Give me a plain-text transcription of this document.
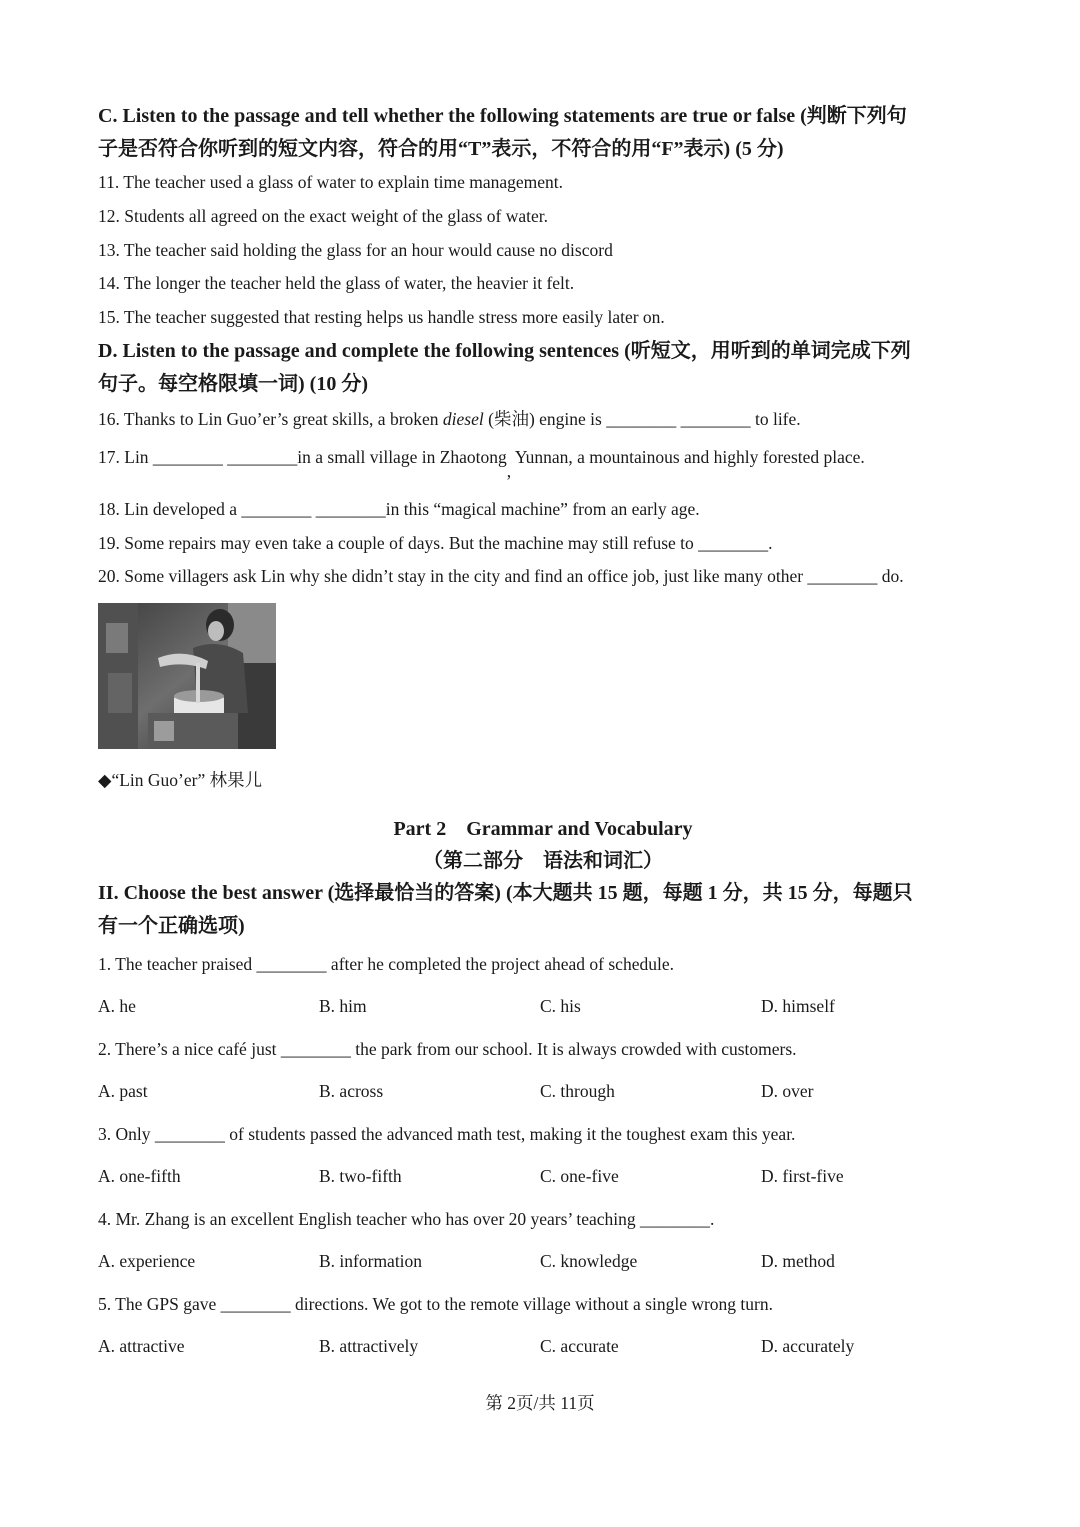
C. Listen to the passage and tell whether the following statements are true or false (判断下列句
子是否符合你听到的短文内容，符合的用“T”表示，不符合的用“F”表示) (5 分)

11. The teacher used a glass of water to explain time management.

12. Students all agreed on the exact weight of the glass of water.

13. The teacher said holding the glass for an hour would cause no discord

14. The longer the teacher held the glass of water, the heavier it felt.

15. The teacher suggested that resting helps us handle stress more easily later on.

D. Listen to the passage and complete the following sentences (听短文，用听到的单词完成下列
句子。每空格限填一词) (10 分)

16. Thanks to Lin Guo’er’s great skills, a broken diesel (柴油) engine is ________ ________ to life.

17. Lin ________ ________in a small village in Zhaotong, Yunnan, a mountainous and highly forested place.

18. Lin developed a ________ ________in this “magical machine” from an early age.

19. Some repairs may even take a couple of days. But the machine may still refuse to ________.

20. Some villagers ask Lin why she didn’t stay in the city and find an office job, just like many other ________ do.

◆“Lin Guo’er” 林果儿

Part 2    Grammar and Vocabulary

（第二部分    语法和词汇）

II. Choose the best answer (选择最恰当的答案) (本大题共 15 题，每题 1 分，共 15 分，每题只
有一个正确选项)

1. The teacher praised ________ after he completed the project ahead of schedule.

A. he	B. him	C. his	D. himself

2. There’s a nice café just ________ the park from our school. It is always crowded with customers.

A. past	B. across	C. through	D. over

3. Only ________ of students passed the advanced math test, making it the toughest exam this year.

A. one-fifth	B. two-fifth	C. one-five	D. first-five

4. Mr. Zhang is an excellent English teacher who has over 20 years’ teaching ________.

A. experience	B. information	C. knowledge	D. method

5. The GPS gave ________ directions. We got to the remote village without a single wrong turn.

A. attractive	B. attractively	C. accurate	D. accurately
第 2页/共 11页
